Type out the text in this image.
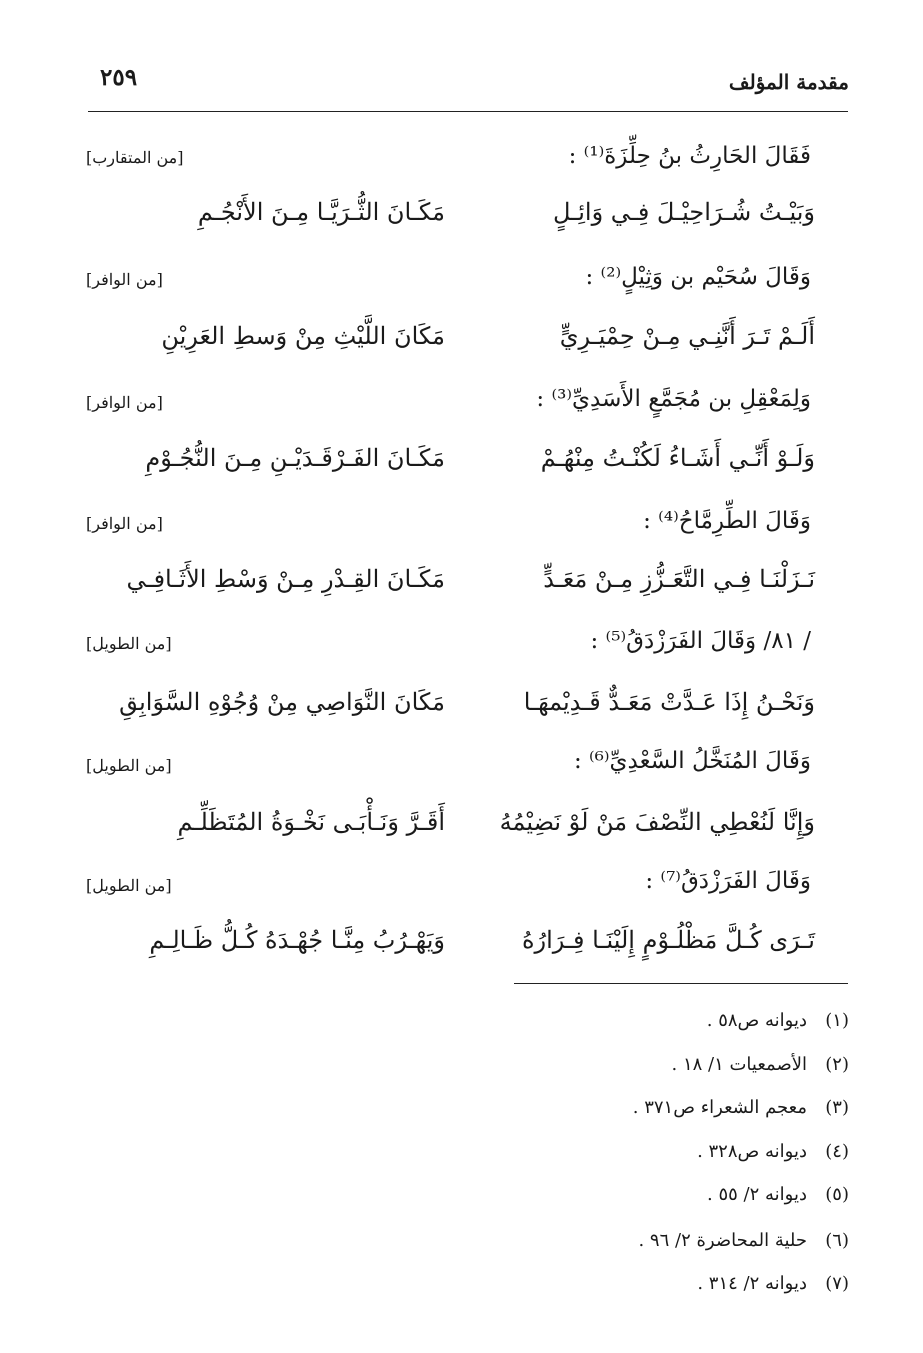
مقدمة المؤلف
٢٥٩
فَقَالَ الحَارِثُ بنُ حِلِّزَةَ⁽¹⁾ :
[من المتقارب]
وَبَيْـتُ شُـرَاحِيْـلَ فِـي وَائِـلٍ
مَكَـانَ الثُّـرَيَّـا مِـنَ الأَنْجُـمِ
وَقَالَ سُحَيْم بن وَثِيْلٍ⁽²⁾ :
[من الوافر]
أَلَـمْ تَـرَ أَنَّنِـي مِـنْ حِمْيَـرِيٍّ
مَكَانَ اللَّيْثِ مِنْ وَسطِ العَرِيْنِ
وَلِمَعْقِلِ بن مُجَمَّعٍ الأَسَدِيِّ⁽³⁾ :
[من الوافر]
وَلَـوْ أَنِّـي أَشَـاءُ لَكُنْـتُ مِنْهُـمْ
مَكَـانَ الفَـرْقَـدَيْـنِ مِـنَ النُّجُـوْمِ
وَقَالَ الطِّرِمَّاحُ⁽⁴⁾ :
[من الوافر]
نَـزَلْنَـا فِـي التَّعَـزُّزِ مِـنْ مَعَـدٍّ
مَكَـانَ القِـدْرِ مِـنْ وَسْطِ الأَثَـافِـي
/ ٨١/ وَقَالَ الفَرَزْدَقُ⁽⁵⁾ :
[من الطويل]
وَنَحْـنُ إِذَا عَـدَّتْ مَعَـدٌّ قَـدِيْمهَـا
مَكَانَ النَّوَاصِي مِنْ وُجُوْهِ السَّوَابِقِ
وَقَالَ المُنَخَّلُ السَّعْدِيِّ⁽⁶⁾ :
[من الطويل]
وَإِنَّا لَنُعْطِي النِّصْفَ مَنْ لَوْ نَضِيْمُهُ
أَقَـرَّ وَنَـأْبَـى نَخْـوَةُ المُتَظَلِّـمِ
وَقَالَ الفَرَزْدَقُ⁽⁷⁾ :
[من الطويل]
تَـرَى كُـلَّ مَظْلُـوْمٍ إِلَيْنَـا فِـرَارُهُ
وَيَهْـرُبُ مِنَّـا جُهْـدَهُ كُـلُّ ظَـالِـمِ
(١)ديوانه ص٥٨ .
(٢)الأصمعيات ١/ ١٨ .
(٣)معجم الشعراء ص٣٧١ .
(٤)ديوانه ص٣٢٨ .
(٥)ديوانه ٢/ ٥٥ .
(٦)حلية المحاضرة ٢/ ٩٦ .
(٧)ديوانه ٢/ ٣١٤ .
